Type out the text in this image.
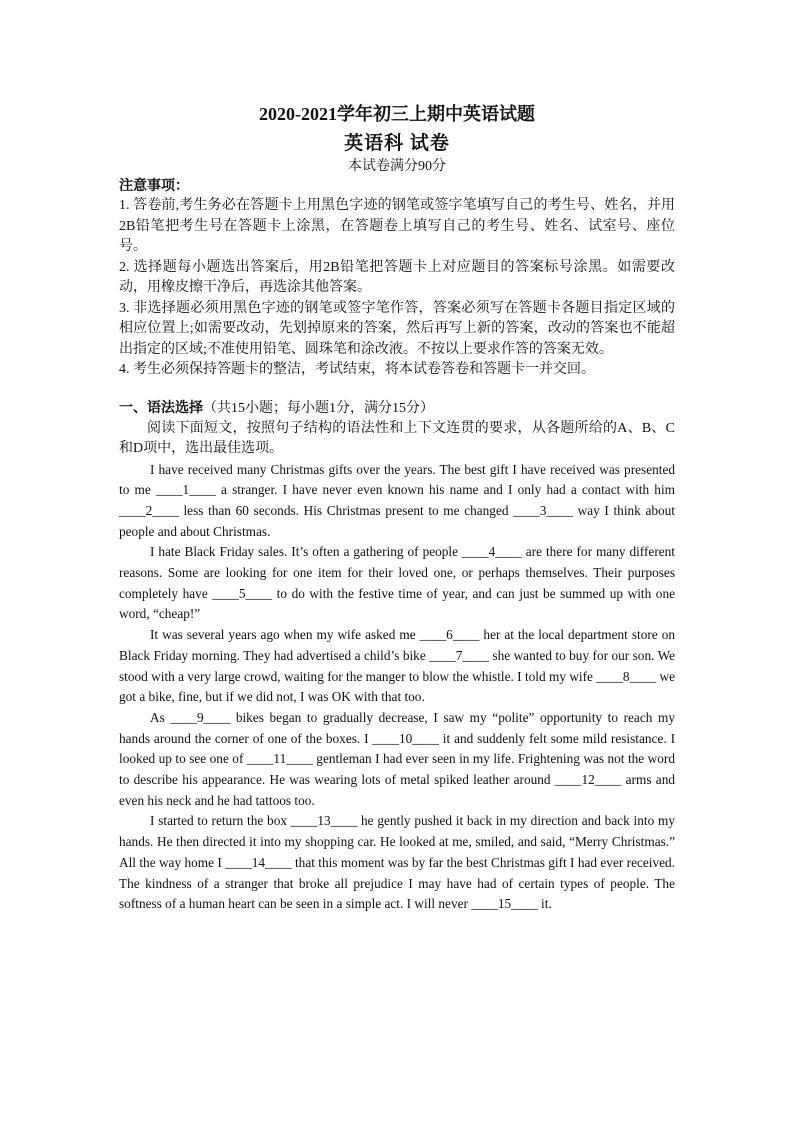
2020-2021学年初三上期中英语试题

英语科 试卷

本试卷满分90分

注意事项：

1. 答卷前,考生务必在答题卡上用黑色字迹的钢笔或签字笔填写自己的考生号、姓名，并用2B铅笔把考生号在答题卡上涂黑，在答题卷上填写自己的考生号、姓名、试室号、座位号。

2. 选择题每小题选出答案后，用2B铅笔把答题卡上对应题目的答案标号涂黑。如需要改动，用橡皮擦干净后，再选涂其他答案。

3. 非选择题必须用黑色字迹的钢笔或签字笔作答，答案必须写在答题卡各题目指定区域的相应位置上;如需要改动，先划掉原来的答案，然后再写上新的答案，改动的答案也不能超出指定的区域;不准使用铅笔、圆珠笔和涂改液。不按以上要求作答的答案无效。

4. 考生必须保持答题卡的整洁，考试结束，将本试卷答卷和答题卡一并交回。

一、语法选择（共15小题；每小题1分，满分15分）

阅读下面短文，按照句子结构的语法性和上下文连贯的要求，从各题所给的A、B、C和D项中，选出最佳选项。

I have received many Christmas gifts over the years. The best gift I have received was presented to me ____1____ a stranger. I have never even known his name and I only had a contact with him ____2____ less than 60 seconds. His Christmas present to me changed ____3____ way I think about people and about Christmas.

I hate Black Friday sales. It’s often a gathering of people ____4____ are there for many different reasons. Some are looking for one item for their loved one, or perhaps themselves. Their purposes completely have ____5____ to do with the festive time of year, and can just be summed up with one word, “cheap!”

It was several years ago when my wife asked me ____6____ her at the local department store on Black Friday morning. They had advertised a child’s bike ____7____ she wanted to buy for our son. We stood with a very large crowd, waiting for the manger to blow the whistle. I told my wife ____8____ we got a bike, fine, but if we did not, I was OK with that too.

As ____9____ bikes began to gradually decrease, I saw my “polite” opportunity to reach my hands around the corner of one of the boxes. I ____10____ it and suddenly felt some mild resistance. I looked up to see one of ____11____ gentleman I had ever seen in my life. Frightening was not the word to describe his appearance. He was wearing lots of metal spiked leather around ____12____ arms and even his neck and he had tattoos too.

I started to return the box ____13____ he gently pushed it back in my direction and back into my hands. He then directed it into my shopping car. He looked at me, smiled, and said, “Merry Christmas.” All the way home I ____14____ that this moment was by far the best Christmas gift I had ever received. The kindness of a stranger that broke all prejudice I may have had of certain types of people. The softness of a human heart can be seen in a simple act. I will never ____15____ it.
